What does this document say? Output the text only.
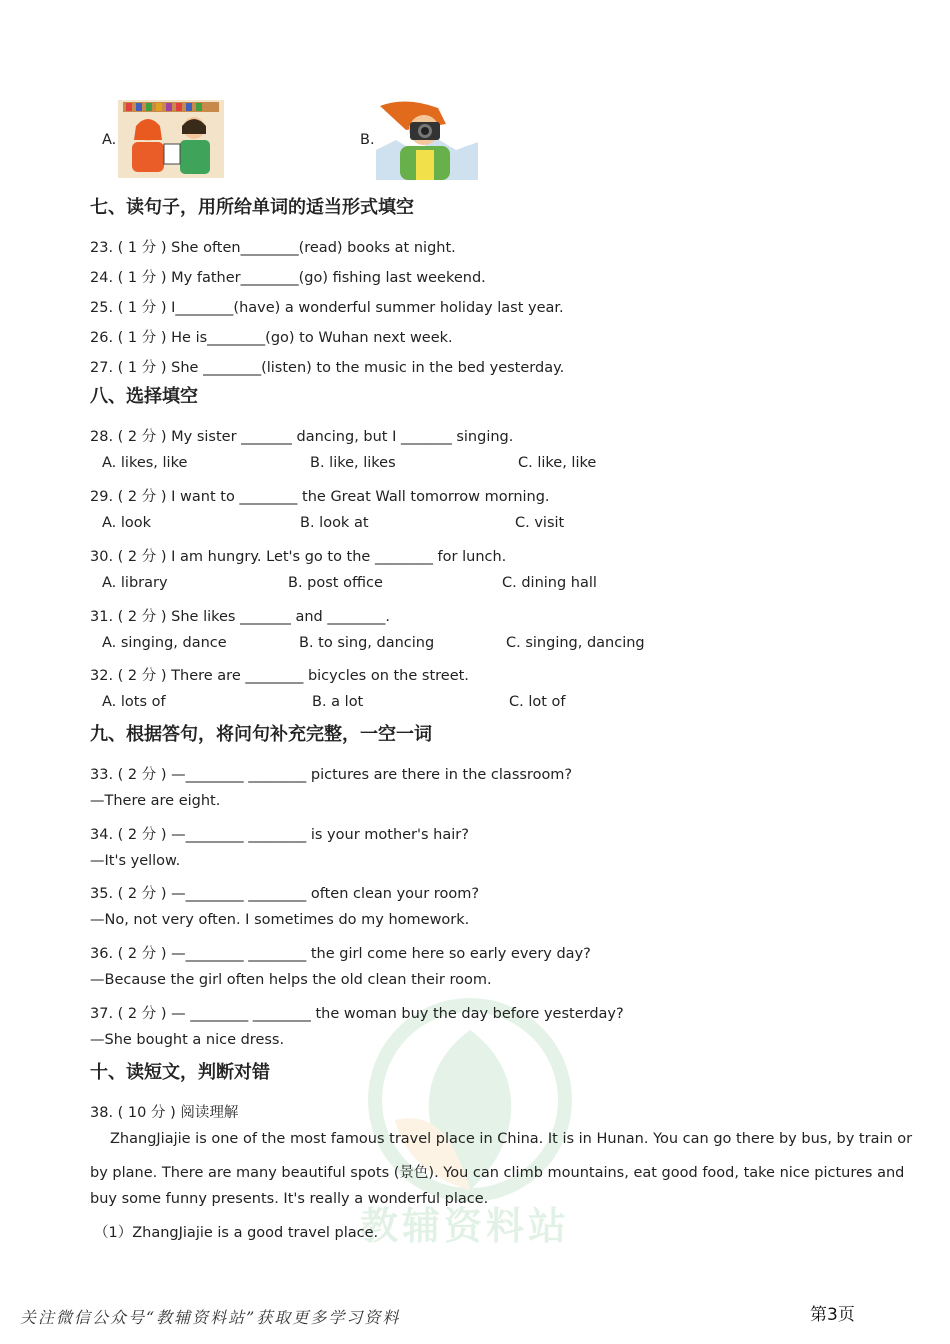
教辅资料站
A.	B.
七、读句子，用所给单词的适当形式填空
23. ( 1 分 ) She often________(read) books at night.
24. ( 1 分 ) My father________(go) fishing last weekend.
25. ( 1 分 ) I________(have) a wonderful summer holiday last year.
26. ( 1 分 ) He is________(go) to Wuhan next week.
27. ( 1 分 ) She ________(listen) to the music in the bed yesterday.
八、选择填空
28. ( 2 分 ) My sister _______ dancing, but I _______ singing.
A. likes, like	B. like, likes	C. like, like
29. ( 2 分 ) I want to ________ the Great Wall tomorrow morning.
A. look	B. look at	C. visit
30. ( 2 分 ) I am hungry. Let's go to the ________ for lunch.
A. library	B. post office	C. dining hall
31. ( 2 分 ) She likes _______ and ________.
A. singing, dance	B. to sing, dancing	C. singing, dancing
32. ( 2 分 ) There are ________ bicycles on the street.
A. lots of	B. a lot	C. lot of
九、根据答句，将问句补充完整，一空一词
33. ( 2 分 ) —________ ________ pictures are there in the classroom?
—There are eight.
34. ( 2 分 ) —________ ________ is your mother's hair?
—It's yellow.
35. ( 2 分 ) —________ ________ often clean your room?
—No, not very often. I sometimes do my homework.
36. ( 2 分 ) —________ ________ the girl come here so early every day?
—Because the girl often helps the old clean their room.
37. ( 2 分 ) — ________ ________ the woman buy the day before yesterday?
—She bought a nice dress.
十、读短文，判断对错
38. ( 10 分 ) 阅读理解
ZhangJiajie is one of the most famous travel place in China. It is in Hunan. You can go there by bus, by train or
by plane. There are many beautiful spots (景色). You can climb mountains, eat good food, take nice pictures and
buy some funny presents. It's really a wonderful place.
（1）ZhangJiajie is a good travel place.
关注微信公众号“教辅资料站”获取更多学习资料	第3页
